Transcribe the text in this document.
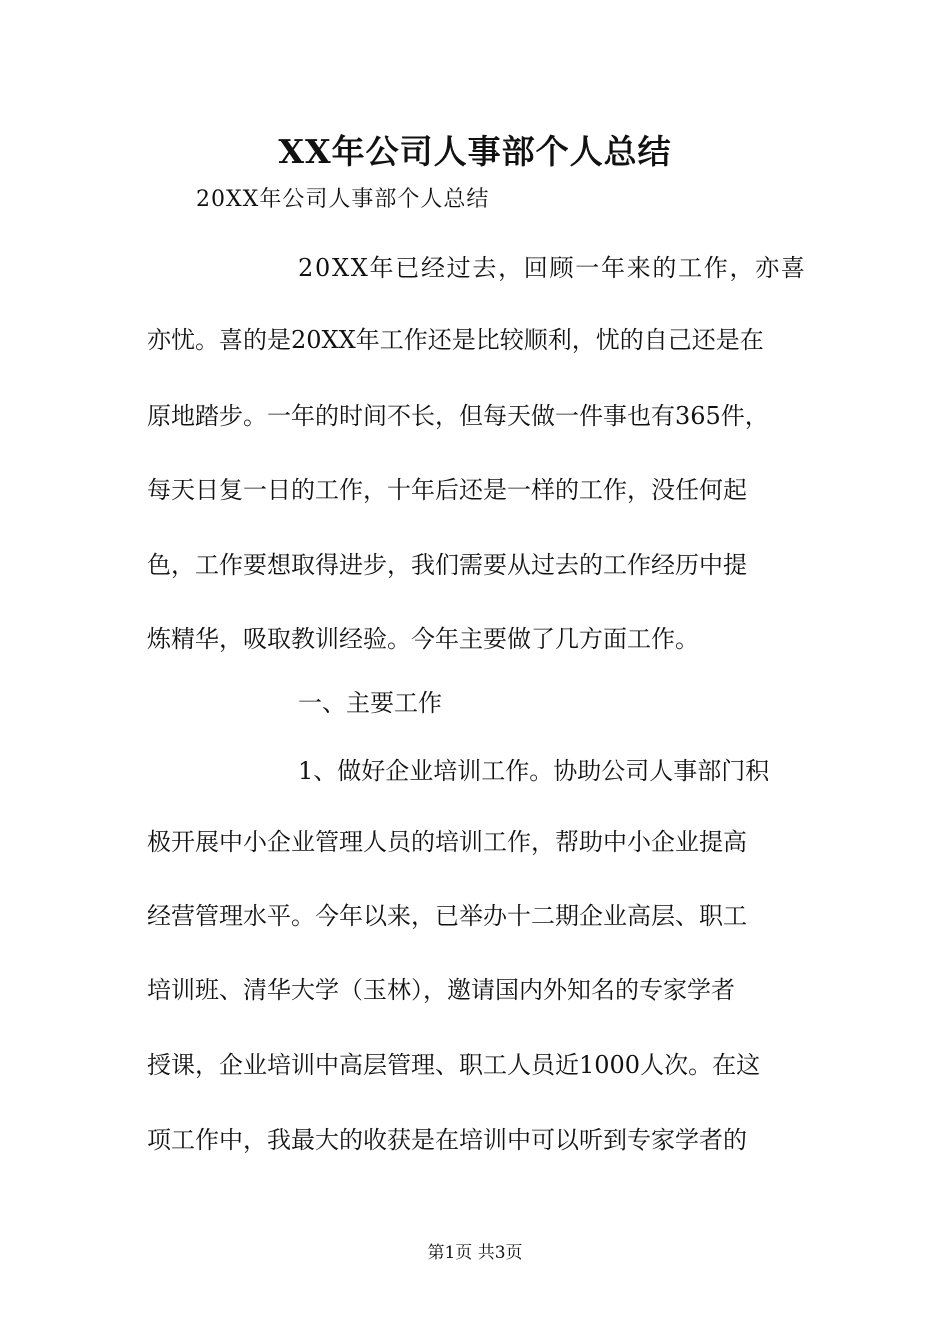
XX年公司人事部个人总结
20XX年公司人事部个人总结
20XX年已经过去，回顾一年来的工作，亦喜
亦忧。喜的是20XX年工作还是比较顺利，忧的自己还是在
原地踏步。一年的时间不长，但每天做一件事也有365件，
每天日复一日的工作，十年后还是一样的工作，没任何起
色，工作要想取得进步，我们需要从过去的工作经历中提
炼精华，吸取教训经验。今年主要做了几方面工作。
一、主要工作
1、做好企业培训工作。协助公司人事部门积
极开展中小企业管理人员的培训工作，帮助中小企业提高
经营管理水平。今年以来，已举办十二期企业高层、职工
培训班、清华大学（玉林），邀请国内外知名的专家学者
授课，企业培训中高层管理、职工人员近1000人次。在这
项工作中，我最大的收获是在培训中可以听到专家学者的
第1页 共3页
